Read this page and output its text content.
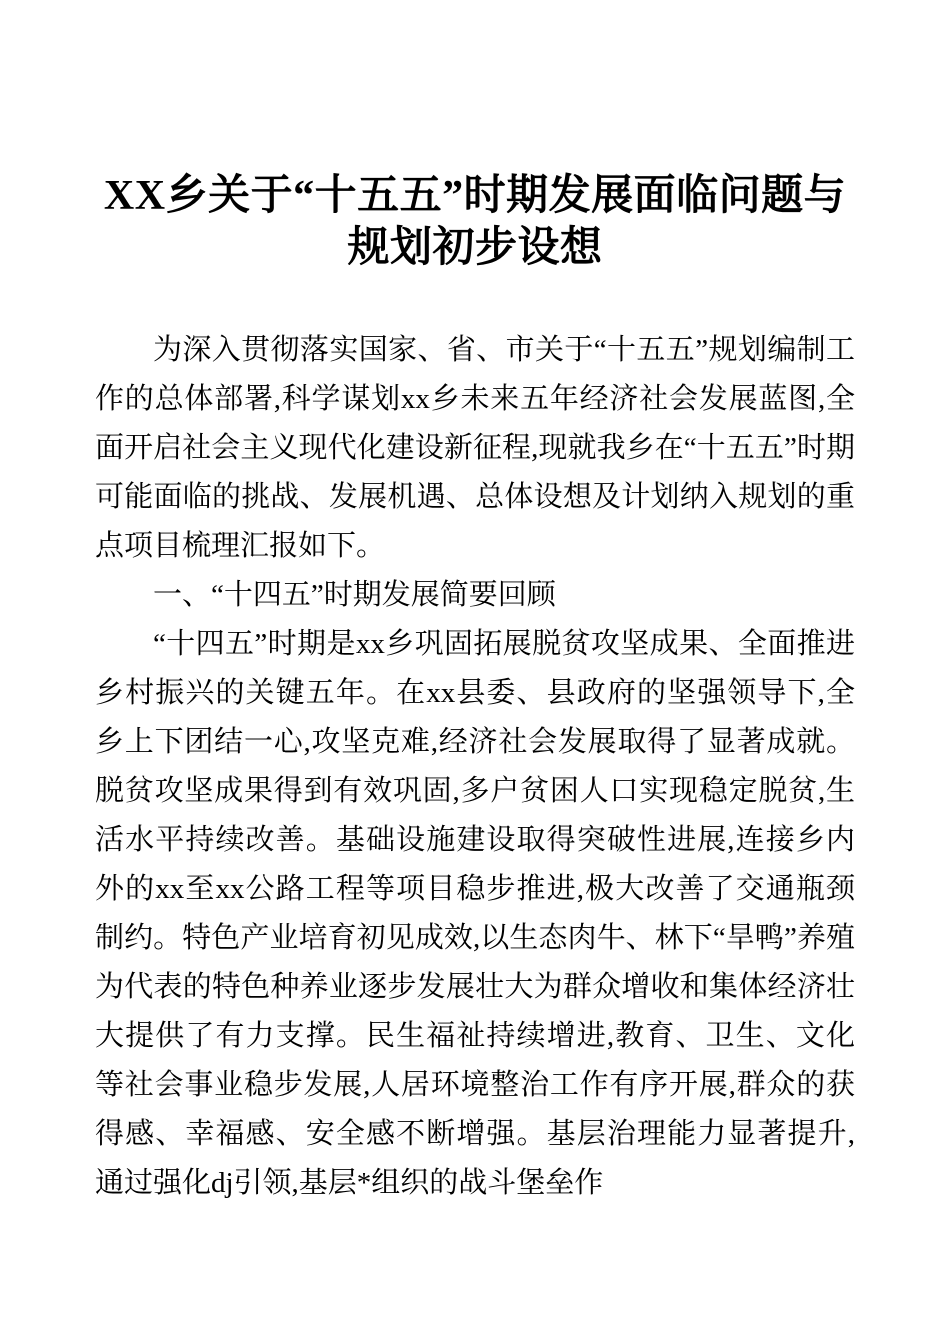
XX乡关于“十五五”时期发展面临问题与规划初步设想

为深入贯彻落实国家、省、市关于“十五五”规划编制工作的总体部署,科学谋划xx乡未来五年经济社会发展蓝图,全面开启社会主义现代化建设新征程,现就我乡在“十五五”时期可能面临的挑战、发展机遇、总体设想及计划纳入规划的重点项目梳理汇报如下。

一、“十四五”时期发展简要回顾

“十四五”时期是xx乡巩固拓展脱贫攻坚成果、全面推进乡村振兴的关键五年。在xx县委、县政府的坚强领导下,全乡上下团结一心,攻坚克难,经济社会发展取得了显著成就。脱贫攻坚成果得到有效巩固,多户贫困人口实现稳定脱贫,生活水平持续改善。基础设施建设取得突破性进展,连接乡内外的xx至xx公路工程等项目稳步推进,极大改善了交通瓶颈制约。特色产业培育初见成效,以生态肉牛、林下“旱鸭”养殖为代表的特色种养业逐步发展壮大为群众增收和集体经济壮大提供了有力支撑。民生福祉持续增进,教育、卫生、文化等社会事业稳步发展,人居环境整治工作有序开展,群众的获得感、幸福感、安全感不断增强。基层治理能力显著提升,通过强化dj引领,基层*组织的战斗堡垒作
